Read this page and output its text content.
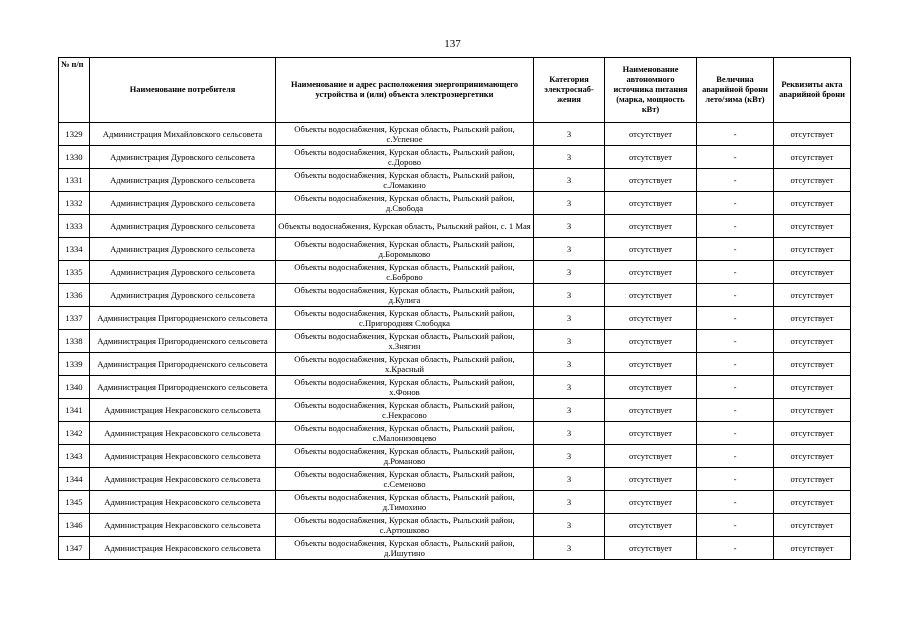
137
№ п/п	Наименование потребителя	Наименование и адрес расположения энергопринимающего устройства и (или) объекта электроэнергетики	Категория электроснаб-жения	Наименование автономного источника питания (марка, мощность кВт)	Величина аварийной брони лето/зима (кВт)	Реквизиты акта аварийной брони
1329	Администрация Михайловского сельсовета	Объекты водоснабжения, Курская область, Рыльский район, с.Успеное	3	отсутствует	-	отсутствует
1330	Администрация Дуровского сельсовета	Объекты водоснабжения, Курская область, Рыльский район, с.Дорово	3	отсутствует	-	отсутствует
1331	Администрация Дуровского сельсовета	Объекты водоснабжения, Курская область, Рыльский район, с.Ломакино	3	отсутствует	-	отсутствует
1332	Администрация Дуровского сельсовета	Объекты водоснабжения, Курская область, Рыльский район, д.Свобода	3	отсутствует	-	отсутствует
1333	Администрация Дуровского сельсовета	Объекты водоснабжения, Курская область, Рыльский район, с. 1 Мая	3	отсутствует	-	отсутствует
1334	Администрация Дуровского сельсовета	Объекты водоснабжения, Курская область, Рыльский район, д.Боромыково	3	отсутствует	-	отсутствует
1335	Администрация Дуровского сельсовета	Объекты водоснабжения, Курская область, Рыльский район, с.Боброво	3	отсутствует	-	отсутствует
1336	Администрация Дуровского сельсовета	Объекты водоснабжения, Курская область, Рыльский район, д.Кулига	3	отсутствует	-	отсутствует
1337	Администрация Пригородненского сельсовета	Объекты водоснабжения, Курская область, Рыльский район, с.Пригородняя Слободка	3	отсутствует	-	отсутствует
1338	Администрация Пригородненского сельсовета	Объекты водоснабжения, Курская область, Рыльский район, х.Знягин	3	отсутствует	-	отсутствует
1339	Администрация Пригородненского сельсовета	Объекты водоснабжения, Курская область, Рыльский район, х.Красный	3	отсутствует	-	отсутствует
1340	Администрация Пригородненского сельсовета	Объекты водоснабжения, Курская область, Рыльский район, х.Фонов	3	отсутствует	-	отсутствует
1341	Администрация Некрасовского сельсовета	Объекты водоснабжения, Курская область, Рыльский район, с.Некрасово	3	отсутствует	-	отсутствует
1342	Администрация Некрасовского сельсовета	Объекты водоснабжения, Курская область, Рыльский район, с.Малонизовцево	3	отсутствует	-	отсутствует
1343	Администрация Некрасовского сельсовета	Объекты водоснабжения, Курская область, Рыльский район, д.Романово	3	отсутствует	-	отсутствует
1344	Администрация Некрасовского сельсовета	Объекты водоснабжения, Курская область, Рыльский район, с.Семеново	3	отсутствует	-	отсутствует
1345	Администрация Некрасовского сельсовета	Объекты водоснабжения, Курская область, Рыльский район, д.Тимохино	3	отсутствует	-	отсутствует
1346	Администрация Некрасовского сельсовета	Объекты водоснабжения, Курская область, Рыльский район, с.Артюшково	3	отсутствует	-	отсутствует
1347	Администрация Некрасовского сельсовета	Объекты водоснабжения, Курская область, Рыльский район, д.Ишутино	3	отсутствует	-	отсутствует
